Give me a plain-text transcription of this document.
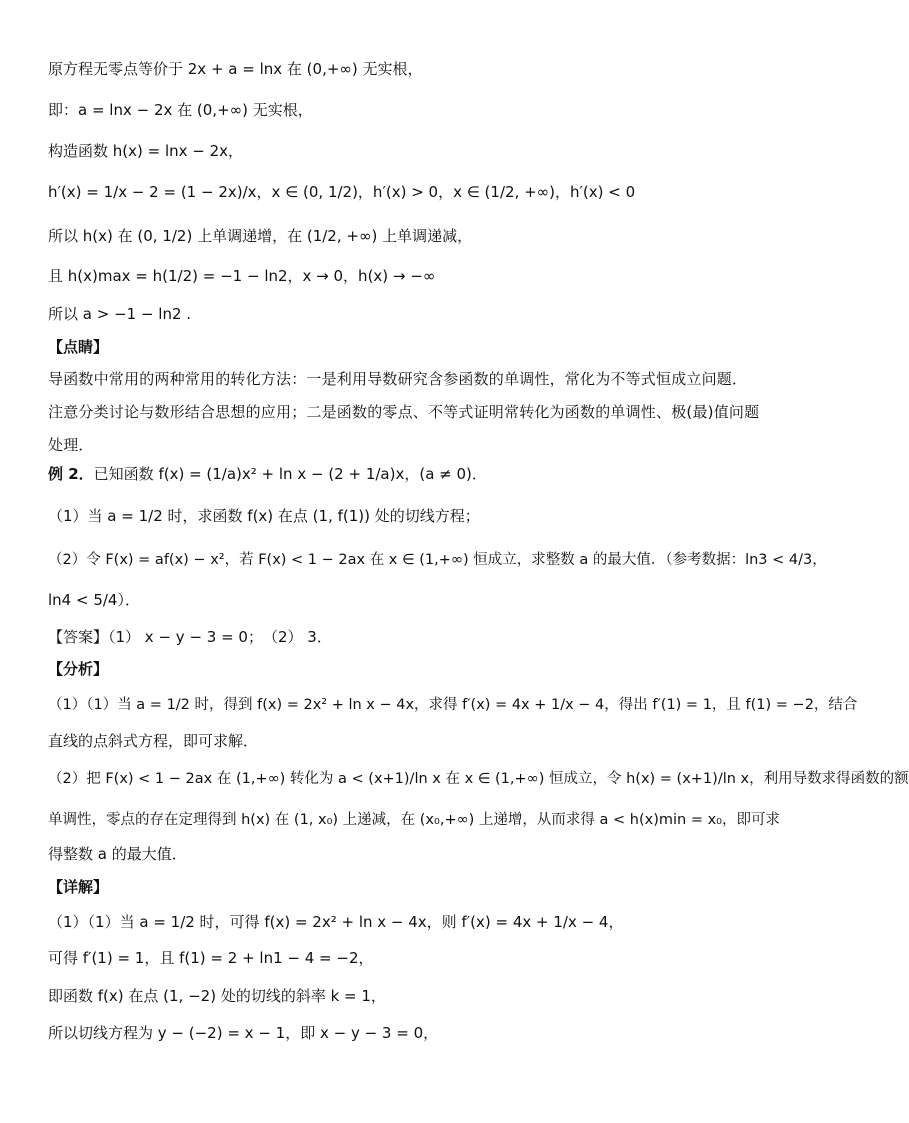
原方程无零点等价于 2x + a = lnx 在 (0,+∞) 无实根，
即：a = lnx − 2x 在 (0,+∞) 无实根，
构造函数 h(x) = lnx − 2x，
h′(x) = 1/x − 2 = (1 − 2x)/x，x ∈ (0, 1/2)，h′(x) > 0，x ∈ (1/2, +∞)，h′(x) < 0
所以 h(x) 在 (0, 1/2) 上单调递增，在 (1/2, +∞) 上单调递减，
且 h(x)max = h(1/2) = −1 − ln2，x → 0，h(x) → −∞
所以 a > −1 − ln2 .
【点睛】
导函数中常用的两种常用的转化方法：一是利用导数研究含参函数的单调性，常化为不等式恒成立问题．注意分类讨论与数形结合思想的应用；二是函数的零点、不等式证明常转化为函数的单调性、极(最)值问题处理．
例 2．已知函数 f(x) = (1/a)x² + ln x − (2 + 1/a)x，(a ≠ 0)．
（1）当 a = 1/2 时，求函数 f(x) 在点 (1, f(1)) 处的切线方程；
（2）令 F(x) = af(x) − x²，若 F(x) < 1 − 2ax 在 x ∈ (1,+∞) 恒成立，求整数 a 的最大值．（参考数据：ln3 < 4/3，
ln4 < 5/4）．
【答案】（1） x − y − 3 = 0；　（2） 3．
【分析】
（1）（1）当 a = 1/2 时，得到 f(x) = 2x² + ln x − 4x，求得 f′(x) = 4x + 1/x − 4，得出 f′(1) = 1，且 f(1) = −2，结合
直线的点斜式方程，即可求解．
（2）把 F(x) < 1 − 2ax 在 (1,+∞) 转化为 a < (x+1)/ln x 在 x ∈ (1,+∞) 恒成立，令 h(x) = (x+1)/ln x，利用导数求得函数的额
单调性，零点的存在定理得到 h(x) 在 (1, x₀) 上递减，在 (x₀,+∞) 上递增，从而求得 a < h(x)min = x₀，即可求
得整数 a 的最大值．
【详解】
（1）（1）当 a = 1/2 时，可得 f(x) = 2x² + ln x − 4x，则 f′(x) = 4x + 1/x − 4，
可得 f′(1) = 1，且 f(1) = 2 + ln1 − 4 = −2，
即函数 f(x) 在点 (1, −2) 处的切线的斜率 k = 1，
所以切线方程为 y − (−2) = x − 1，即 x − y − 3 = 0，
